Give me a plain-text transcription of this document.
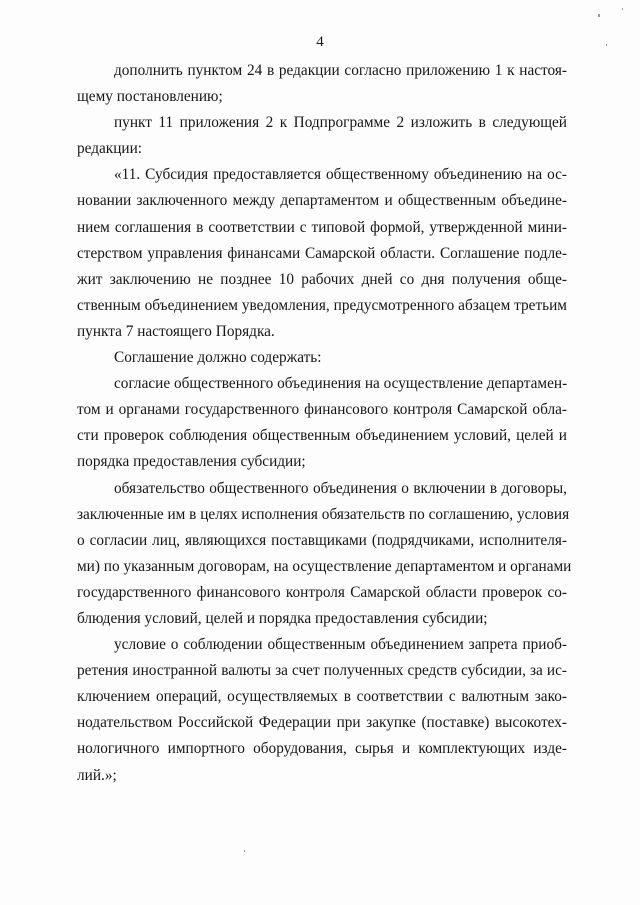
4
дополнить пунктом 24 в редакции согласно приложению 1 к настоя-
щему постановлению;
пункт 11 приложения 2 к Подпрограмме 2 изложить в следующей
редакции:
«11. Субсидия предоставляется общественному объединению на ос-
новании заключенного между департаментом и общественным объедине-
нием соглашения в соответствии с типовой формой, утвержденной мини-
стерством управления финансами Самарской области. Соглашение подле-
жит заключению не позднее 10 рабочих дней со дня получения обще-
ственным объединением уведомления, предусмотренного абзацем третьим
пункта 7 настоящего Порядка.
Соглашение должно содержать:
согласие общественного объединения на осуществление департамен-
том и органами государственного финансового контроля Самарской обла-
сти проверок соблюдения общественным объединением условий, целей и
порядка предоставления субсидии;
обязательство общественного объединения о включении в договоры,
заключенные им в целях исполнения обязательств по соглашению, условия
о согласии лиц, являющихся поставщиками (подрядчиками, исполнителя-
ми) по указанным договорам, на осуществление департаментом и органами
государственного финансового контроля Самарской области проверок со-
блюдения условий, целей и порядка предоставления субсидии;
условие о соблюдении общественным объединением запрета приоб-
ретения иностранной валюты за счет полученных средств субсидии, за ис-
ключением операций, осуществляемых в соответствии с валютным зако-
нодательством Российской Федерации при закупке (поставке) высокотех-
нологичного импортного оборудования, сырья и комплектующих изде-
лий.»;
